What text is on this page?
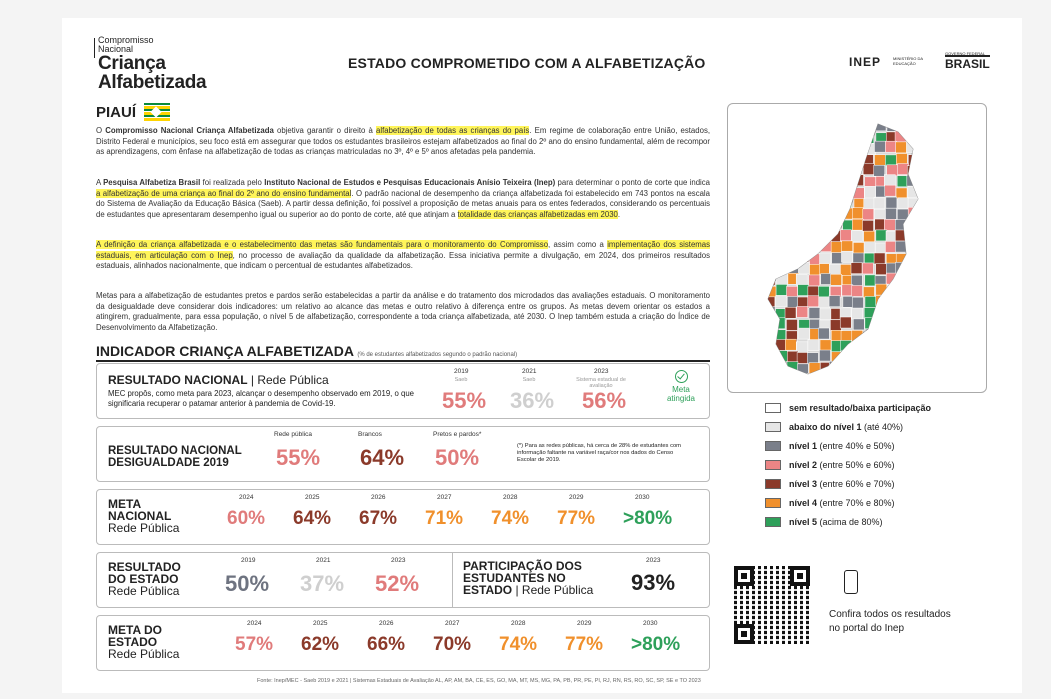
Compromisso
Nacional
Criança
Alfabetizada
ESTADO COMPROMETIDO COM A ALFABETIZAÇÃO	INEP	MINISTÉRIO DA EDUCAÇÃO
GOVERNO FEDERAL
BRASIL
PIAUÍ
O Compromisso Nacional Criança Alfabetizada objetiva garantir o direito à alfabetização de todas as crianças do país. Em regime de colaboração entre União, estados, Distrito Federal e municípios, seu foco está em assegurar que todos os estudantes brasileiros estejam alfabetizados ao final do 2º ano do ensino fundamental, além de recompor as aprendizagens, com ênfase na alfabetização de todas as crianças matriculadas no 3º, 4º e 5º anos afetadas pela pandemia.
A Pesquisa Alfabetiza Brasil foi realizada pelo Instituto Nacional de Estudos e Pesquisas Educacionais Anísio Teixeira (Inep) para determinar o ponto de corte que indica a alfabetização de uma criança ao final do 2º ano do ensino fundamental. O padrão nacional de desempenho da criança alfabetizada foi estabelecido em 743 pontos na escala do Sistema de Avaliação da Educação Básica (Saeb). A partir dessa definição, foi possível a proposição de metas anuais para os entes federados, considerando os percentuais de estudantes que apresentaram desempenho igual ou superior ao do ponto de corte, até que atinjam a totalidade das crianças alfabetizadas em 2030.
A definição da criança alfabetizada e o estabelecimento das metas são fundamentais para o monitoramento do Compromisso, assim como a implementação dos sistemas estaduais, em articulação com o Inep, no processo de avaliação da qualidade da alfabetização. Essa iniciativa permite a divulgação, em 2024, dos primeiros resultados estaduais, alinhados nacionalmente, que indicam o percentual de estudantes alfabetizados.
Metas para a alfabetização de estudantes pretos e pardos serão estabelecidas a partir da análise e do tratamento dos microdados das avaliações estaduais. O monitoramento da desigualdade deve considerar dois indicadores: um relativo ao alcance das metas e outro relativo à diferença entre os grupos. As metas devem orientar os estados a atingirem, gradualmente, para essa população, o nível 5 de alfabetização, correspondente a toda criança alfabetizada, até 2030. O Inep também estuda a criação do Índice de Desenvolvimento da Alfabetização.
INDICADOR CRIANÇA ALFABETIZADA (% de estudantes alfabetizados segundo o padrão nacional)
RESULTADO NACIONAL | Rede Pública
MEC propôs, como meta para 2023, alcançar o desempenho observado em 2019, o que significaria recuperar o patamar anterior à pandemia de Covid-19.
2019
Saeb
55%
2021
Saeb
36%
2023
Sistema estadual de avaliação
56%	Meta
atingida
RESULTADO NACIONAL
DESIGUALDADE 2019
Rede pública
55%
Brancos
64%
Pretos e pardos*
50%	(*) Para as redes públicas, há cerca de 28% de estudantes com informação faltante na variável raça/cor nos dados do Censo Escolar de 2019.
META
NACIONAL
Rede Pública
2024
60%
2025
64%
2026
67%
2027
71%
2028
74%
2029
77%
2030
>80%
RESULTADO
DO ESTADO
Rede Pública
2019
50%
2021
37%
2023
52%
PARTICIPAÇÃO DOS
ESTUDANTES NO
ESTADO | Rede Pública
2023
93%
META DO
ESTADO
Rede Pública
2024
57%
2025
62%
2026
66%
2027
70%
2028
74%
2029
77%
2030
>80%
sem resultado/baixa participação
abaixo do nível 1 (até 40%)
nível 1 (entre 40% e 50%)
nível 2 (entre 50% e 60%)
nível 3 (entre 60% e 70%)
nível 4 (entre 70% e 80%)
nível 5 (acima de 80%)
Confira todos os resultados
no portal do Inep
Fonte: Inep/MEC - Saeb 2019 e 2021 | Sistemas Estaduais de Avaliação AL, AP, AM, BA, CE, ES, GO, MA, MT, MS, MG, PA, PB, PR, PE, PI, RJ, RN, RS, RO, SC, SP, SE e TO 2023
